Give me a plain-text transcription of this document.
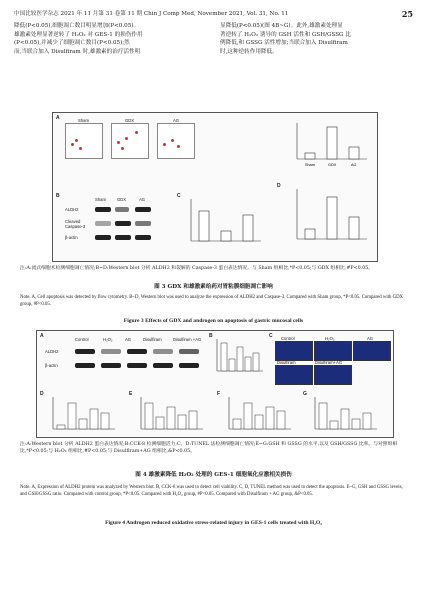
中国比较医学杂志 2021 年 11 月第 31 卷第 11 期 Chin J Comp Med, November 2021, Vol. 31, No. 11	25

降低(P<0.05),细胞凋亡数目明显增加(P<0.05)。

雄激素处理显著逆转了 H₂O₂ 对 GES-1 的损伤作用

(P<0.05),并减少了细胞凋亡数目(P<0.05);然

而,当联合加入 Disulfiram 时,雄激素的治疗活性明

显降低(P<0.05)(图 4B~G)。此外,雄激素处理显

著逆转了 H₂O₂ 诱导的 GSH 活性和 GSH/GSSG 比

例降低,和 GSSG 活性增加;当联合加入 Disulfiram

时,这种逆转作用降低。

A	Sham	GDX	AG
Sham	GDX	AG
B
Sham	GDX	AG
ALDH2
Cleaved Caspase-3
β-actin
C
D
注:A:流式细胞术检测细胞凋亡情况;B~D:Western blot 分析 ALDH2 和裂解的 Caspase-3 蛋白表达情况。与 Sham 组相比,*P<0.05;与 GDX 组相比,#P<0.05。
图 3 GDX 和雄激素给药对胃粘膜细胞凋亡影响
Note. A, Cell apoptosis was detected by flow cytometry. B~D, Western blot was used to analyze the expression of ALDH2 and Caspase-3. Compared with Sham group, *P<0.05. Compared with GDX group, #P<0.05.
Figure 3 Effects of GDX and androgen on apoptosis of gastric mucosal cells
A
Control	H₂O₂	AG	Disulfiram	Disulfiram +AG
ALDH2
β-actin
B	C Control	H₂O₂	AG
Disulfiram	Disulfiram+AG
D	E	F	G
注:A:Western blot 分析 ALDH2 蛋白表达情况;B:CCK-8 检测细胞活力;C、D:TUNEL 法检测细胞凋亡情况;E~G:GSH 和 GSSG 的水平,以及 GSH/GSSG 比率。与对照组相比,*P<0.05;与 H₂O₂ 组相比,#P<0.05;与 Disulfiram+AG 组相比,&P<0.05。
图 4 雄激素降低 H₂O₂ 处理的 GES-1 细胞氧化应激相关损伤
Note. A, Expression of ALDH2 protein was analyzed by Western blot. B, CCK-8 was used to detect cell viability. C, D, TUNEL method was used to detect the apoptosis. E~G, GSH and GSSG levels, and GSH/GSSG ratio. Compared with control group, *P<0.05. Compared with H₂O₂ group, #P<0.05. Compared with Disulfiram + AG group, &P<0.05.
Figure 4 Androgen reduced oxidative stress-related injury in GES-1 cells treated with H₂O₂
